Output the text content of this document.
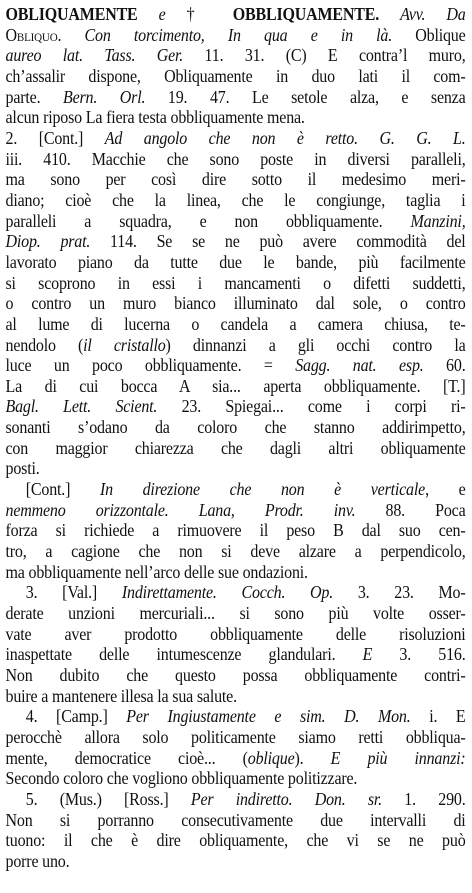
OBLIQUAMENTE e † OBBLIQUAMENTE. Avv. Da
Obliquo. Con torcimento, In qua e in là. Oblique
aureo lat. Tass. Ger. 11. 31. (C) E contra’l muro,
ch’assalir dispone, Obliquamente in duo lati il com-
parte. Bern. Orl. 19. 47. Le setole alza, e senza
alcun riposo La fiera testa obbliquamente mena.
2. [Cont.] Ad angolo che non è retto. G. G. L.
iii. 410. Macchie che sono poste in diversi paralleli,
ma sono per così dire sotto il medesimo meri-
diano; cioè che la linea, che le congiunge, taglia i
paralleli a squadra, e non obbliquamente. Manzini,
Diop. prat. 114. Se se ne può avere commodità del
lavorato piano da tutte due le bande, più facilmente
si scoprono in essi i mancamenti o difetti suddetti,
o contro un muro bianco illuminato dal sole, o contro
al lume di lucerna o candela a camera chiusa, te-
nendolo (il cristallo) dinnanzi a gli occhi contro la
luce un poco obbliquamente. = Sagg. nat. esp. 60.
La di cui bocca A sia... aperta obbliquamente. [T.]
Bagl. Lett. Scient. 23. Spiegai... come i corpi ri-
sonanti s’odano da coloro che stanno addirimpetto,
con maggior chiarezza che dagli altri obliquamente
posti.
[Cont.] In direzione che non è verticale, e
nemmeno orizzontale. Lana, Prodr. inv. 88. Poca
forza si richiede a rimuovere il peso B dal suo cen-
tro, a cagione che non si deve alzare a perpendicolo,
ma obbliquamente nell’arco delle sue ondazioni.
3. [Val.] Indirettamente. Cocch. Op. 3. 23. Mo-
derate unzioni mercuriali... si sono più volte osser-
vate aver prodotto obbliquamente delle risoluzioni
inaspettate delle intumescenze glandulari. E 3. 516.
Non dubito che questo possa obbliquamente contri-
buire a mantenere illesa la sua salute.
4. [Camp.] Per Ingiustamente e sim. D. Mon. i. E
perocchè allora solo politicamente siamo retti obbliqua-
mente, democratice cioè... (oblique). E più innanzi:
Secondo coloro che vogliono obbliquamente politizzare.
5. (Mus.) [Ross.] Per indiretto. Don. sr. 1. 290.
Non si porranno consecutivamente due intervalli di
tuono: il che è dire obliquamente, che vi se ne può
porre uno.
